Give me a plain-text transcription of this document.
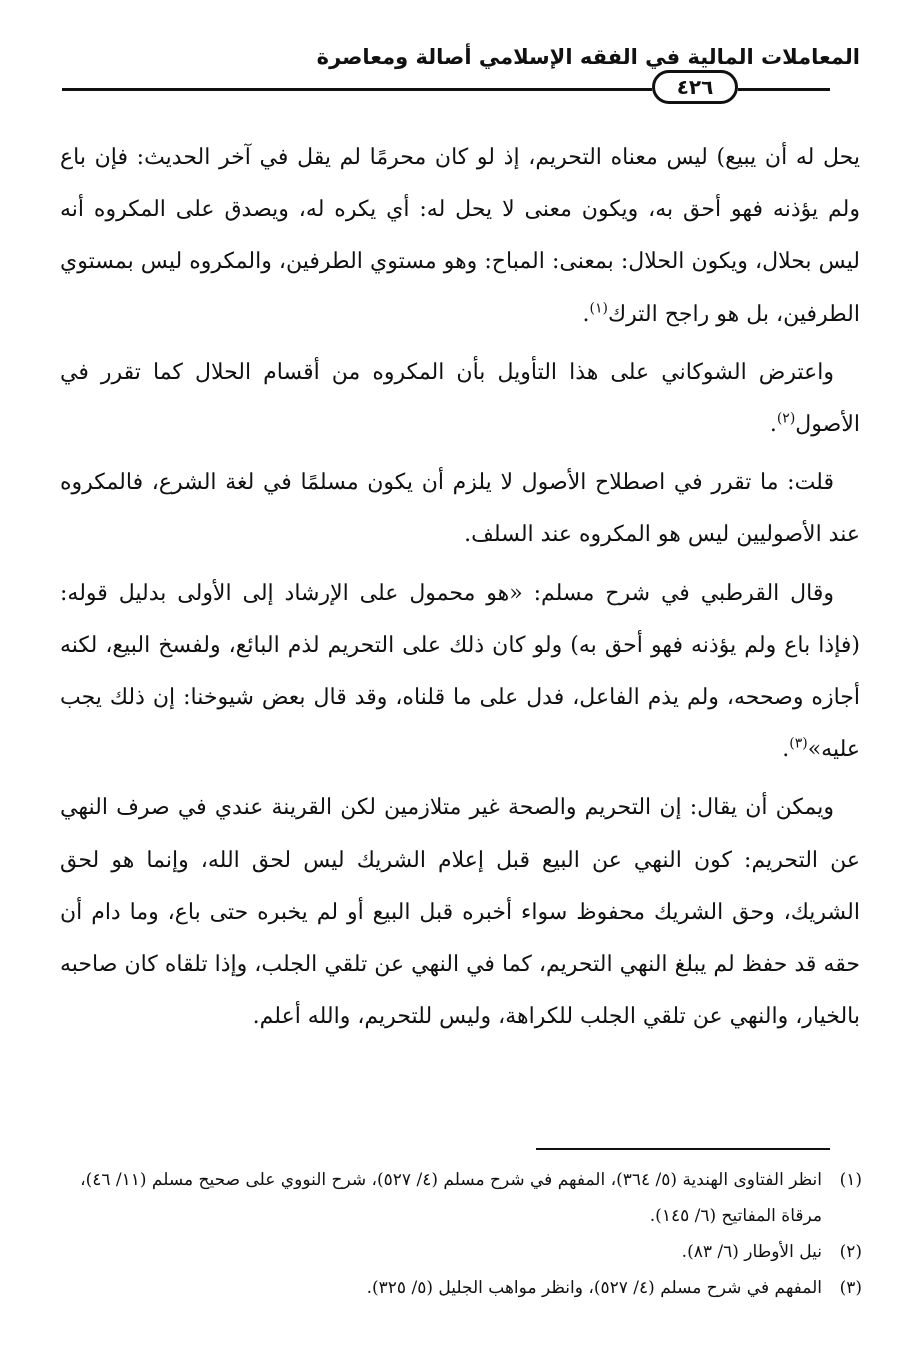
المعاملات المالية في الفقه الإسلامي أصالة ومعاصرة
٤٢٦

يحل له أن يبيع) ليس معناه التحريم، إذ لو كان محرمًا لم يقل في آخر الحديث: فإن باع ولم يؤذنه فهو أحق به، ويكون معنى لا يحل له: أي يكره له، ويصدق على المكروه أنه ليس بحلال، ويكون الحلال: بمعنى: المباح: وهو مستوي الطرفين، والمكروه ليس بمستوي الطرفين، بل هو راجح الترك$^{(١)}$.

واعترض الشوكاني على هذا التأويل بأن المكروه من أقسام الحلال كما تقرر في الأصول$^{(٢)}$.

قلت: ما تقرر في اصطلاح الأصول لا يلزم أن يكون مسلمًا في لغة الشرع، فالمكروه عند الأصوليين ليس هو المكروه عند السلف.

وقال القرطبي في شرح مسلم: «هو محمول على الإرشاد إلى الأولى بدليل قوله: (فإذا باع ولم يؤذنه فهو أحق به) ولو كان ذلك على التحريم لذم البائع، ولفسخ البيع، لكنه أجازه وصححه، ولم يذم الفاعل، فدل على ما قلناه، وقد قال بعض شيوخنا: إن ذلك يجب عليه»$^{(٣)}$.

ويمكن أن يقال: إن التحريم والصحة غير متلازمين لكن القرينة عندي في صرف النهي عن التحريم: كون النهي عن البيع قبل إعلام الشريك ليس لحق الله، وإنما هو لحق الشريك، وحق الشريك محفوظ سواء أخبره قبل البيع أو لم يخبره حتى باع، وما دام أن حقه قد حفظ لم يبلغ النهي التحريم، كما في النهي عن تلقي الجلب، وإذا تلقاه كان صاحبه بالخيار، والنهي عن تلقي الجلب للكراهة، وليس للتحريم، والله أعلم.

(١)
انظر الفتاوى الهندية (٥/ ٣٦٤)، المفهم في شرح مسلم (٤/ ٥٢٧)، شرح النووي على صحيح مسلم (١١/ ٤٦)، مرقاة المفاتيح (٦/ ١٤٥).
(٢)
نيل الأوطار (٦/ ٨٣).
(٣)
المفهم في شرح مسلم (٤/ ٥٢٧)، وانظر مواهب الجليل (٥/ ٣٢٥).
